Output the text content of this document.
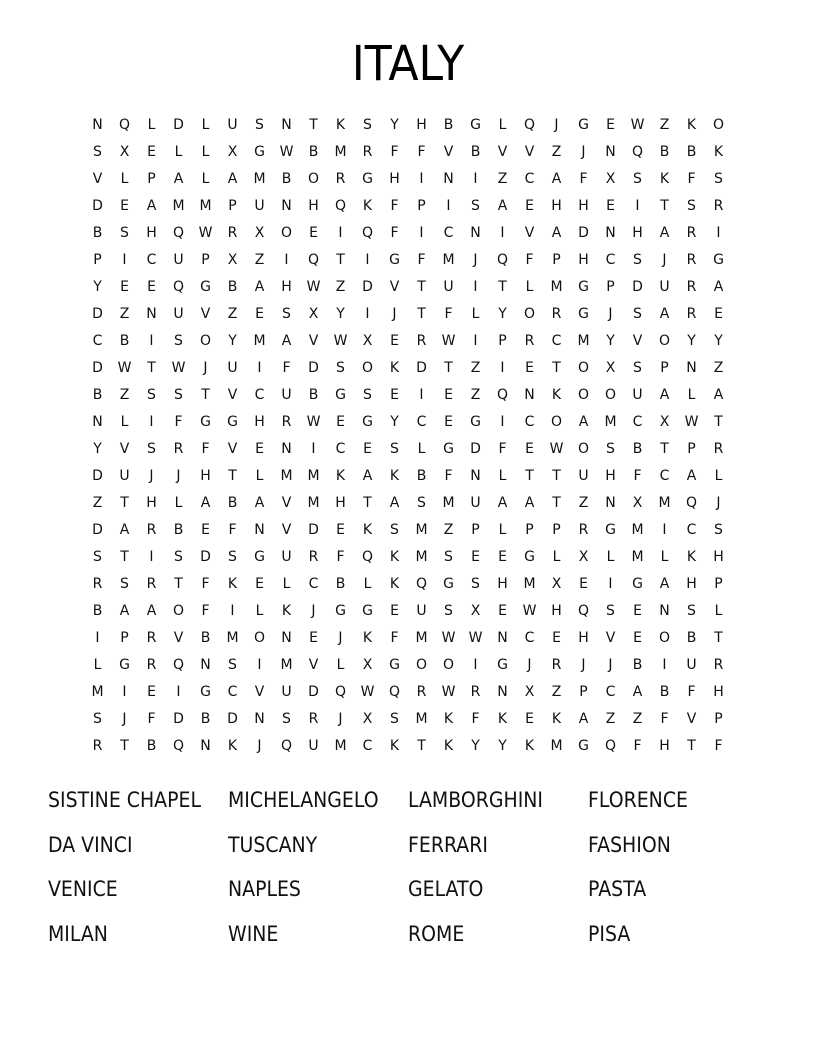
ITALY
N	Q	L	D	L	U	S	N	T	K	S	Y	H	B	G	L	Q	J	G	E	W	Z	K	O
S	X	E	L	L	X	G	W	B	M	R	F	F	V	B	V	V	Z	J	N	Q	B	B	K
V	L	P	A	L	A	M	B	O	R	G	H	I	N	I	Z	C	A	F	X	S	K	F	S
D	E	A	M	M	P	U	N	H	Q	K	F	P	I	S	A	E	H	H	E	I	T	S	R
B	S	H	Q	W	R	X	O	E	I	Q	F	I	C	N	I	V	A	D	N	H	A	R	I
P	I	C	U	P	X	Z	I	Q	T	I	G	F	M	J	Q	F	P	H	C	S	J	R	G
Y	E	E	Q	G	B	A	H	W	Z	D	V	T	U	I	T	L	M	G	P	D	U	R	A
D	Z	N	U	V	Z	E	S	X	Y	I	J	T	F	L	Y	O	R	G	J	S	A	R	E
C	B	I	S	O	Y	M	A	V	W	X	E	R	W	I	P	R	C	M	Y	V	O	Y	Y
D	W	T	W	J	U	I	F	D	S	O	K	D	T	Z	I	E	T	O	X	S	P	N	Z
B	Z	S	S	T	V	C	U	B	G	S	E	I	E	Z	Q	N	K	O	O	U	A	L	A
N	L	I	F	G	G	H	R	W	E	G	Y	C	E	G	I	C	O	A	M	C	X	W	T
Y	V	S	R	F	V	E	N	I	C	E	S	L	G	D	F	E	W	O	S	B	T	P	R
D	U	J	J	H	T	L	M	M	K	A	K	B	F	N	L	T	T	U	H	F	C	A	L
Z	T	H	L	A	B	A	V	M	H	T	A	S	M	U	A	A	T	Z	N	X	M	Q	J
D	A	R	B	E	F	N	V	D	E	K	S	M	Z	P	L	P	P	R	G	M	I	C	S
S	T	I	S	D	S	G	U	R	F	Q	K	M	S	E	E	G	L	X	L	M	L	K	H
R	S	R	T	F	K	E	L	C	B	L	K	Q	G	S	H	M	X	E	I	G	A	H	P
B	A	A	O	F	I	L	K	J	G	G	E	U	S	X	E	W	H	Q	S	E	N	S	L
I	P	R	V	B	M	O	N	E	J	K	F	M	W W	N	C	E	H	V	E	O	B	T
L	G	R	Q	N	S	I	M	V	L	X	G	O	O	I	G	J	R	J	J	B	I	U	R
M	I	E	I	G	C	V	U	D	Q	W	Q	R	W	R	N	X	Z	P	C	A	B	F	H
S	J	F	D	B	D	N	S	R	J	X	S	M	K	F	K	E	K	A	Z	Z	F	V	P
R	T	B	Q	N	K	J	Q	U	M	C	K	T	K	Y	Y	K	M	G	Q	F	H	T	F
SISTINE CHAPEL	MICHELANGELO	LAMBORGHINI	FLORENCE
DA VINCI	TUSCANY	FERRARI	FASHION
VENICE	NAPLES	GELATO	PASTA
MILAN	WINE	ROME	PISA
